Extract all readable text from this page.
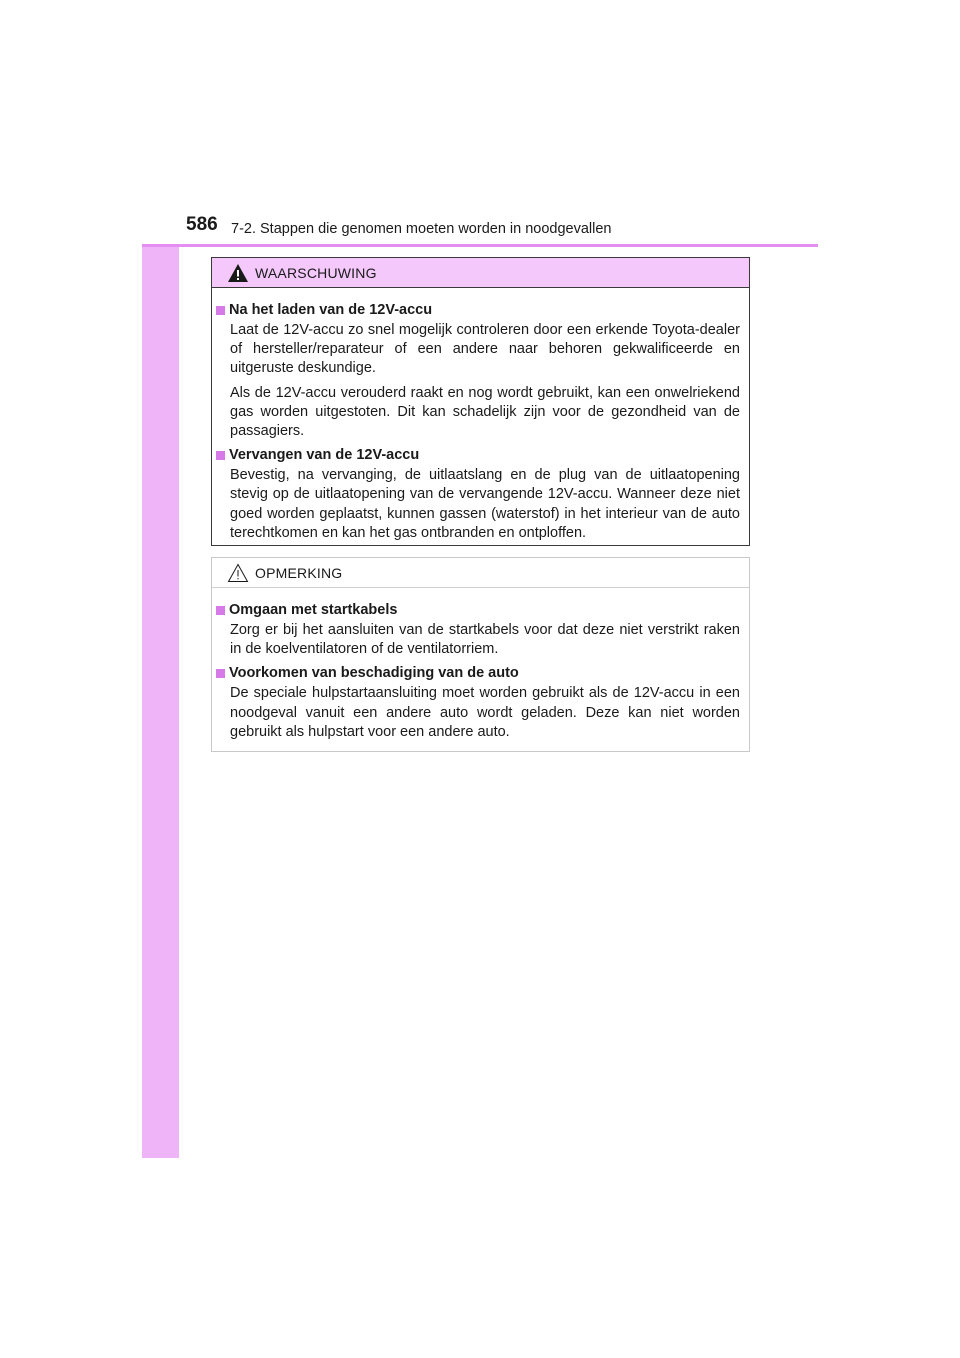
586 7-2. Stappen die genomen moeten worden in noodgevallen
WAARSCHUWING
Na het laden van de 12V-accu

Laat de 12V-accu zo snel mogelijk controleren door een erkende Toyota-dealer of hersteller/reparateur of een andere naar behoren gekwalificeerde en uitgeruste deskundige.

Als de 12V-accu verouderd raakt en nog wordt gebruikt, kan een onwelriekend gas worden uitgestoten. Dit kan schadelijk zijn voor de gezondheid van de passagiers.

Vervangen van de 12V-accu

Bevestig, na vervanging, de uitlaatslang en de plug van de uitlaatopening stevig op de uitlaatopening van de vervangende 12V-accu. Wanneer deze niet goed worden geplaatst, kunnen gassen (waterstof) in het interieur van de auto terechtkomen en kan het gas ontbranden en ontploffen.

OPMERKING
Omgaan met startkabels

Zorg er bij het aansluiten van de startkabels voor dat deze niet verstrikt raken in de koelventilatoren of de ventilatorriem.

Voorkomen van beschadiging van de auto

De speciale hulpstartaansluiting moet worden gebruikt als de 12V-accu in een noodgeval vanuit een andere auto wordt geladen. Deze kan niet worden gebruikt als hulpstart voor een andere auto.
